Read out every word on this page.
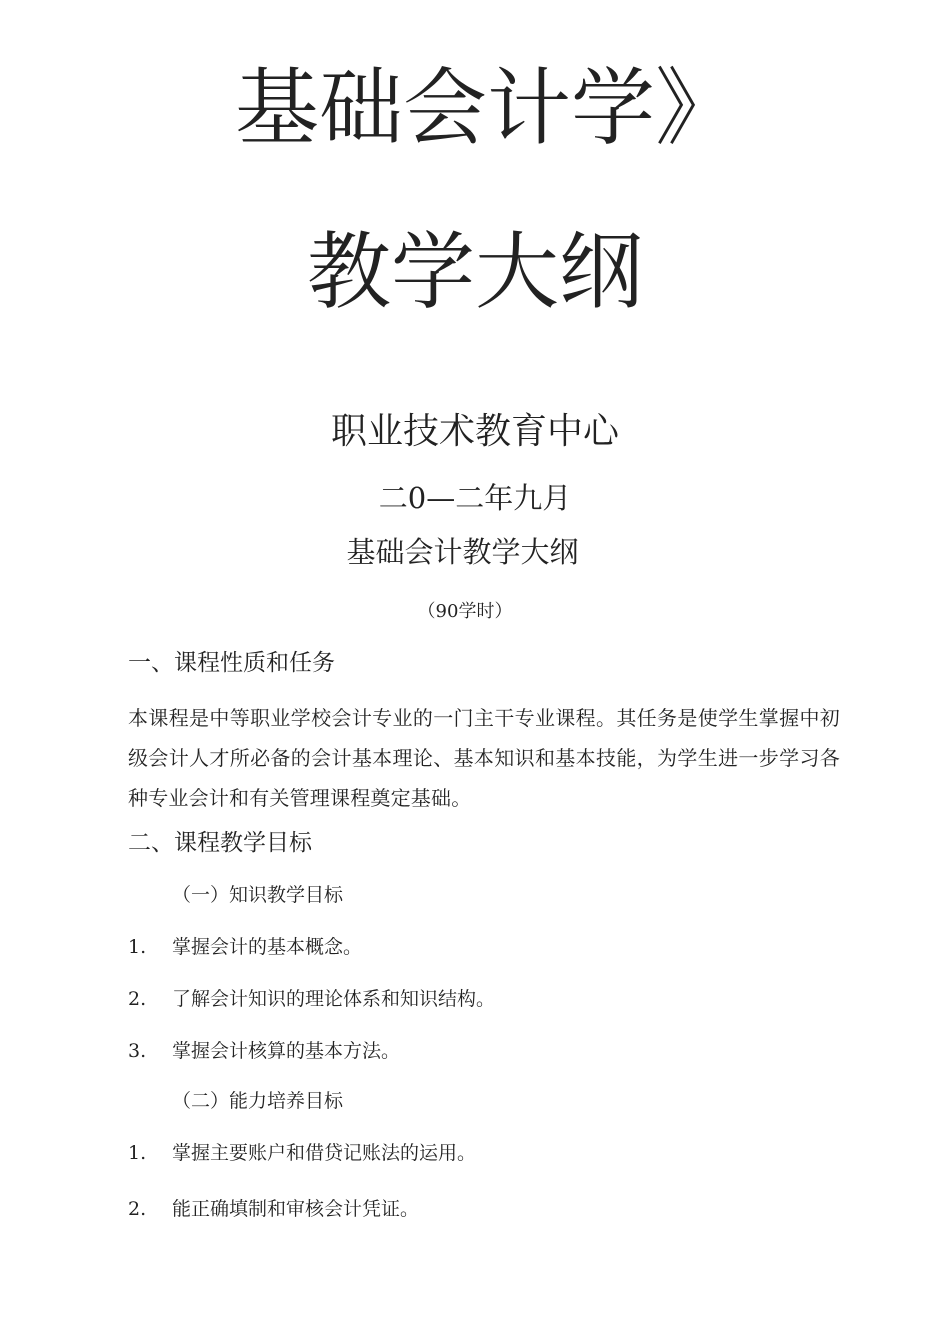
基础会计学》
教学大纲
职业技术教育中心
二0—二年九月
基础会计教学大纲
（90学时）
一、课程性质和任务
本课程是中等职业学校会计专业的一门主干专业课程。其任务是使学生掌握中初级会计人才所必备的会计基本理论、基本知识和基本技能，为学生进一步学习各种专业会计和有关管理课程奠定基础。
二、课程教学目标
（一）知识教学目标
1. 掌握会计的基本概念。
2. 了解会计知识的理论体系和知识结构。
3. 掌握会计核算的基本方法。
（二）能力培养目标
1. 掌握主要账户和借贷记账法的运用。
2. 能正确填制和审核会计凭证。
